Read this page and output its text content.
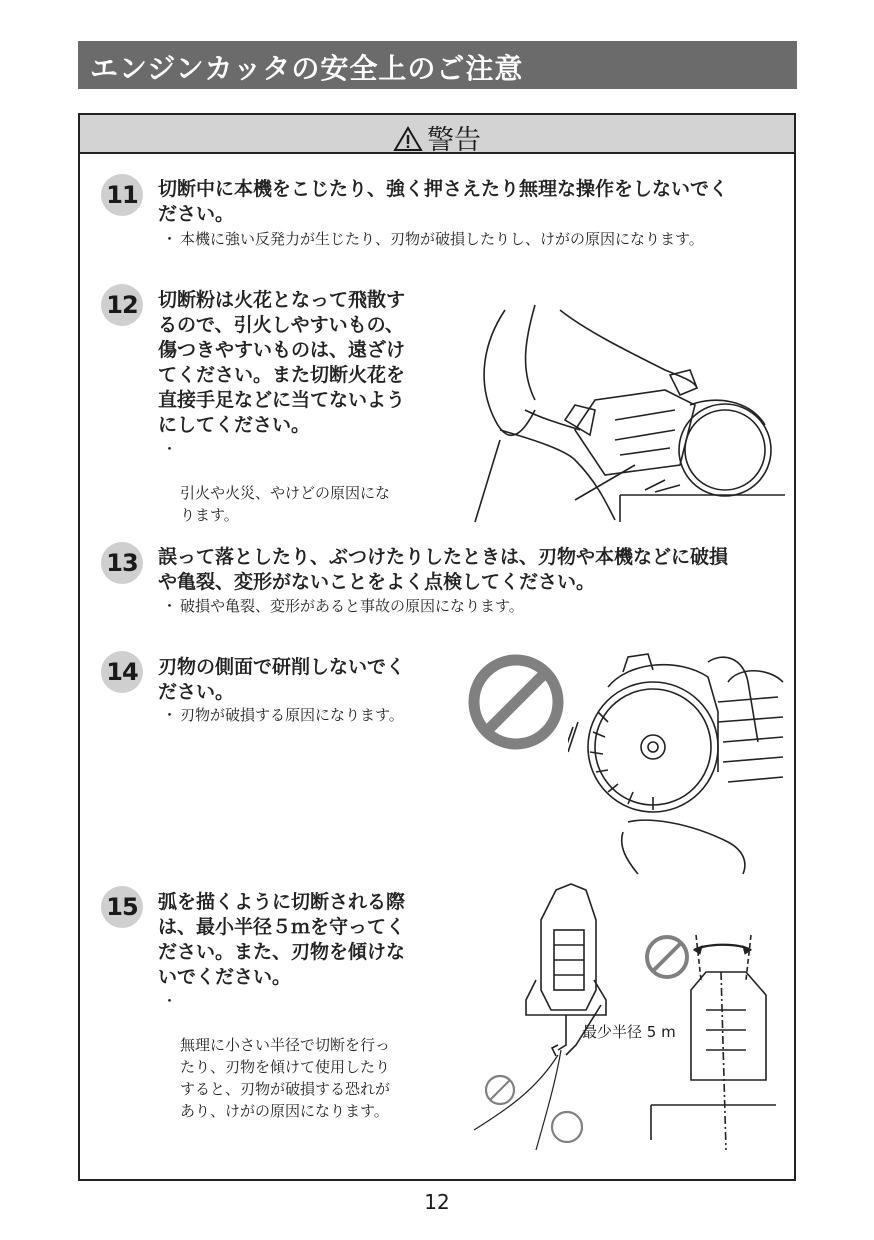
エンジンカッタの安全上のご注意
警告
11 切断中に本機をこじたり、強く押さえたり無理な操作をしないでく
ださい。
・ 本機に強い反発力が生じたり、刃物が破損したりし、けがの原因になります。
12 切断粉は火花となって飛散す
るので、引火しやすいもの、
傷つきやすいものは、遠ざけ
てください。また切断火花を
直接手足などに当てないよう
にしてください。

・

引火や火災、やけどの原因にな
ります。

13 誤って落としたり、ぶつけたりしたときは、刃物や本機などに破損
や亀裂、変形がないことをよく点検してください。
・ 破損や亀裂、変形があると事故の原因になります。
14 刃物の側面で研削しないでく
ださい。
・ 刃物が破損する原因になります。
15 弧を描くように切断される際
は、最小半径５ｍを守ってく
ださい。また、刃物を傾けな
いでください。

・

無理に小さい半径で切断を行っ
たり、刃物を傾けて使用したり
すると、刃物が破損する恐れが
あり、けがの原因になります。

最少半径 5 m
12
